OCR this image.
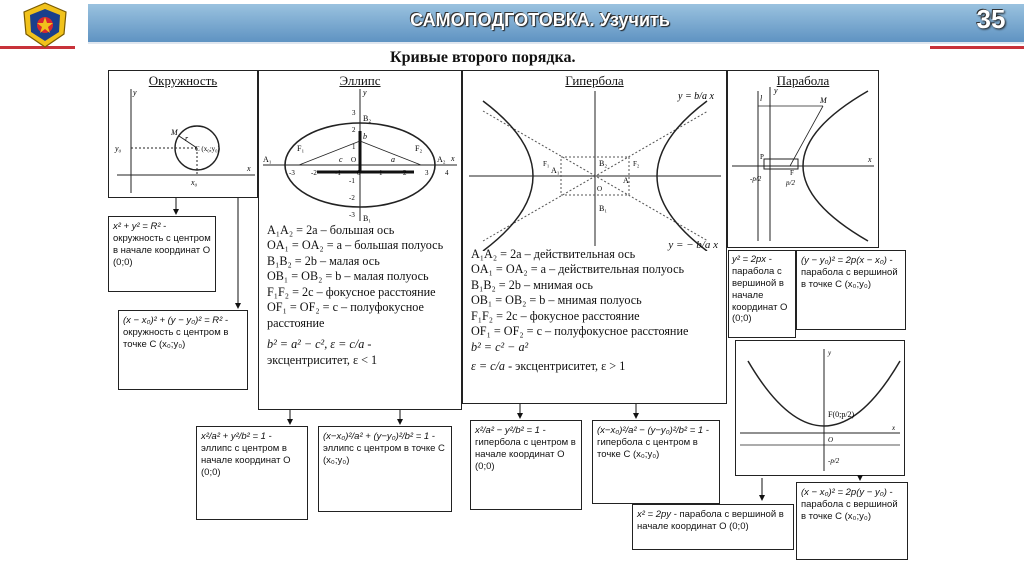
САМОПОДГОТОВКА. Узучить	35
Кривые второго порядка.
Окружность
y
x
y₀
x₀
M
r
C (x₀;y₀)
Эллипс
y
x
B₂
B₁
A₁	A₂
F₁	F₂
b
a
c O
-3 -2	-1 0	1	2	3 4
3
2
1
-1
-2
-3
A₁A₂ = 2a – большая ось
OA₁ = OA₂ = a – большая полуось
B₁B₂ = 2b – малая ось
OB₁ = OB₂ = b – малая полуось
F₁F₂ = 2c – фокусное расстояние
OF₁ = OF₂ = c – полуфокусное расстояние
b² = a² − c², ε = c/a - эксцентриситет, ε < 1
Гипербола
y = b/a x
B₂
B₁
A₁
A
F₁	F₂
O
y = − b/a x
A₁A₂ = 2a – действительная ось
OA₁ = OA₂ = a – действительная полуось
B₁B₂ = 2b – мнимая ось
OB₁ = OB₂ = b – мнимая полуось
F₁F₂ = 2c – фокусное расстояние
OF₁ = OF₂ = c – полуфокусное расстояние
b² = c² − a²
ε = c/a - эксцентриситет, ε > 1
Парабола
l
y
x
M
F
P
-p/2	p/2
y
x
F(0;p/2)
O
-p/2
x² + y² = R² - окружность с центром в начале координат O (0;0)
(x − x₀)² + (y − y₀)² = R² - окружность с центром в точке C (x₀;y₀)
y² = 2px - парабола с вершиной в начале координат O (0;0)
(y − y₀)² = 2p(x − x₀) - парабола с вершиной в точке C (x₀;y₀)
x²/a² + y²/b² = 1 - эллипс с центром в начале координат O (0;0)
(x−x₀)²/a² + (y−y₀)²/b² = 1 - эллипс с центром в точке C (x₀;y₀)
x²/a² − y²/b² = 1 - гипербола с центром в начале координат O (0;0)
(x−x₀)²/a² − (y−y₀)²/b² = 1 - гипербола с центром в точке C (x₀;y₀)
x² = 2py - парабола с вершиной в начале координат O (0;0)
(x − x₀)² = 2p(y − y₀) - парабола с вершиной в точке C (x₀;y₀)
